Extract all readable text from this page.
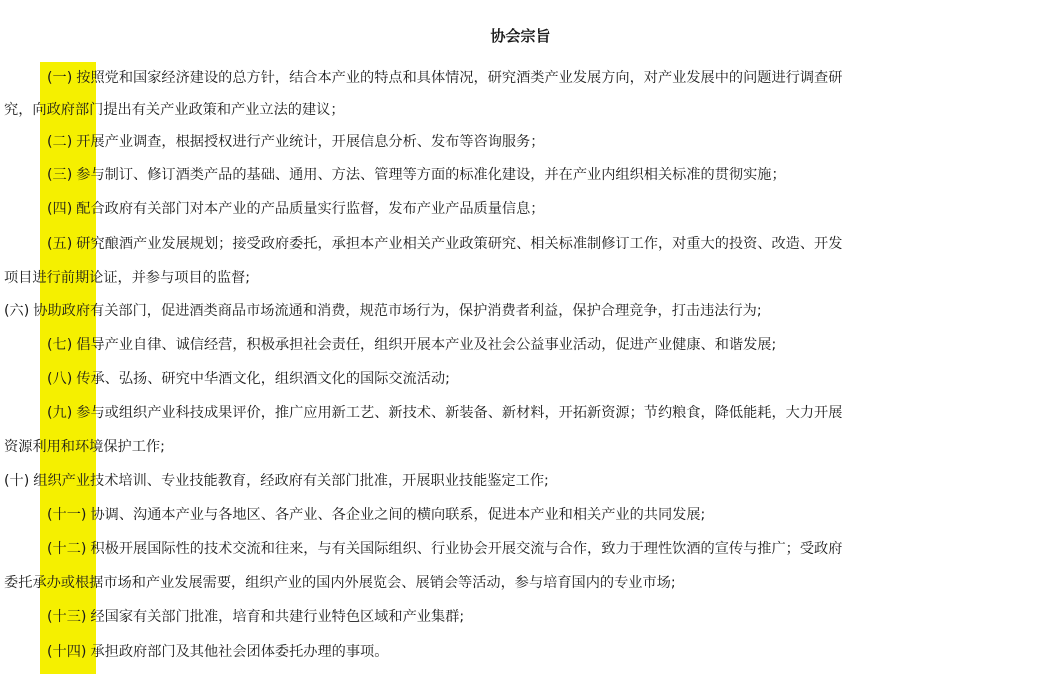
协会宗旨
(一) 按照党和国家经济建设的总方针，结合本产业的特点和具体情况，研究酒类产业发展方向，对产业发展中的问题进行调查研
究，向政府部门提出有关产业政策和产业立法的建议；
(二) 开展产业调查，根据授权进行产业统计，开展信息分析、发布等咨询服务；
(三) 参与制订、修订酒类产品的基础、通用、方法、管理等方面的标准化建设，并在产业内组织相关标准的贯彻实施；
(四) 配合政府有关部门对本产业的产品质量实行监督，发布产业产品质量信息；
(五) 研究酿酒产业发展规划；接受政府委托，承担本产业相关产业政策研究、相关标准制修订工作，对重大的投资、改造、开发
项目进行前期论证，并参与项目的监督;
(六) 协助政府有关部门，促进酒类商品市场流通和消费，规范市场行为，保护消费者利益，保护合理竞争，打击违法行为;
(七) 倡导产业自律、诚信经营，积极承担社会责任，组织开展本产业及社会公益事业活动，促进产业健康、和谐发展;
(八) 传承、弘扬、研究中华酒文化，组织酒文化的国际交流活动;
(九) 参与或组织产业科技成果评价，推广应用新工艺、新技术、新装备、新材料，开拓新资源；节约粮食，降低能耗，大力开展
资源利用和环境保护工作;
(十) 组织产业技术培训、专业技能教育，经政府有关部门批准，开展职业技能鉴定工作;
(十一) 协调、沟通本产业与各地区、各产业、各企业之间的横向联系，促进本产业和相关产业的共同发展;
(十二) 积极开展国际性的技术交流和往来，与有关国际组织、行业协会开展交流与合作，致力于理性饮酒的宣传与推广；受政府
委托承办或根据市场和产业发展需要，组织产业的国内外展览会、展销会等活动，参与培育国内的专业市场;
(十三) 经国家有关部门批准，培育和共建行业特色区域和产业集群;
(十四) 承担政府部门及其他社会团体委托办理的事项。
